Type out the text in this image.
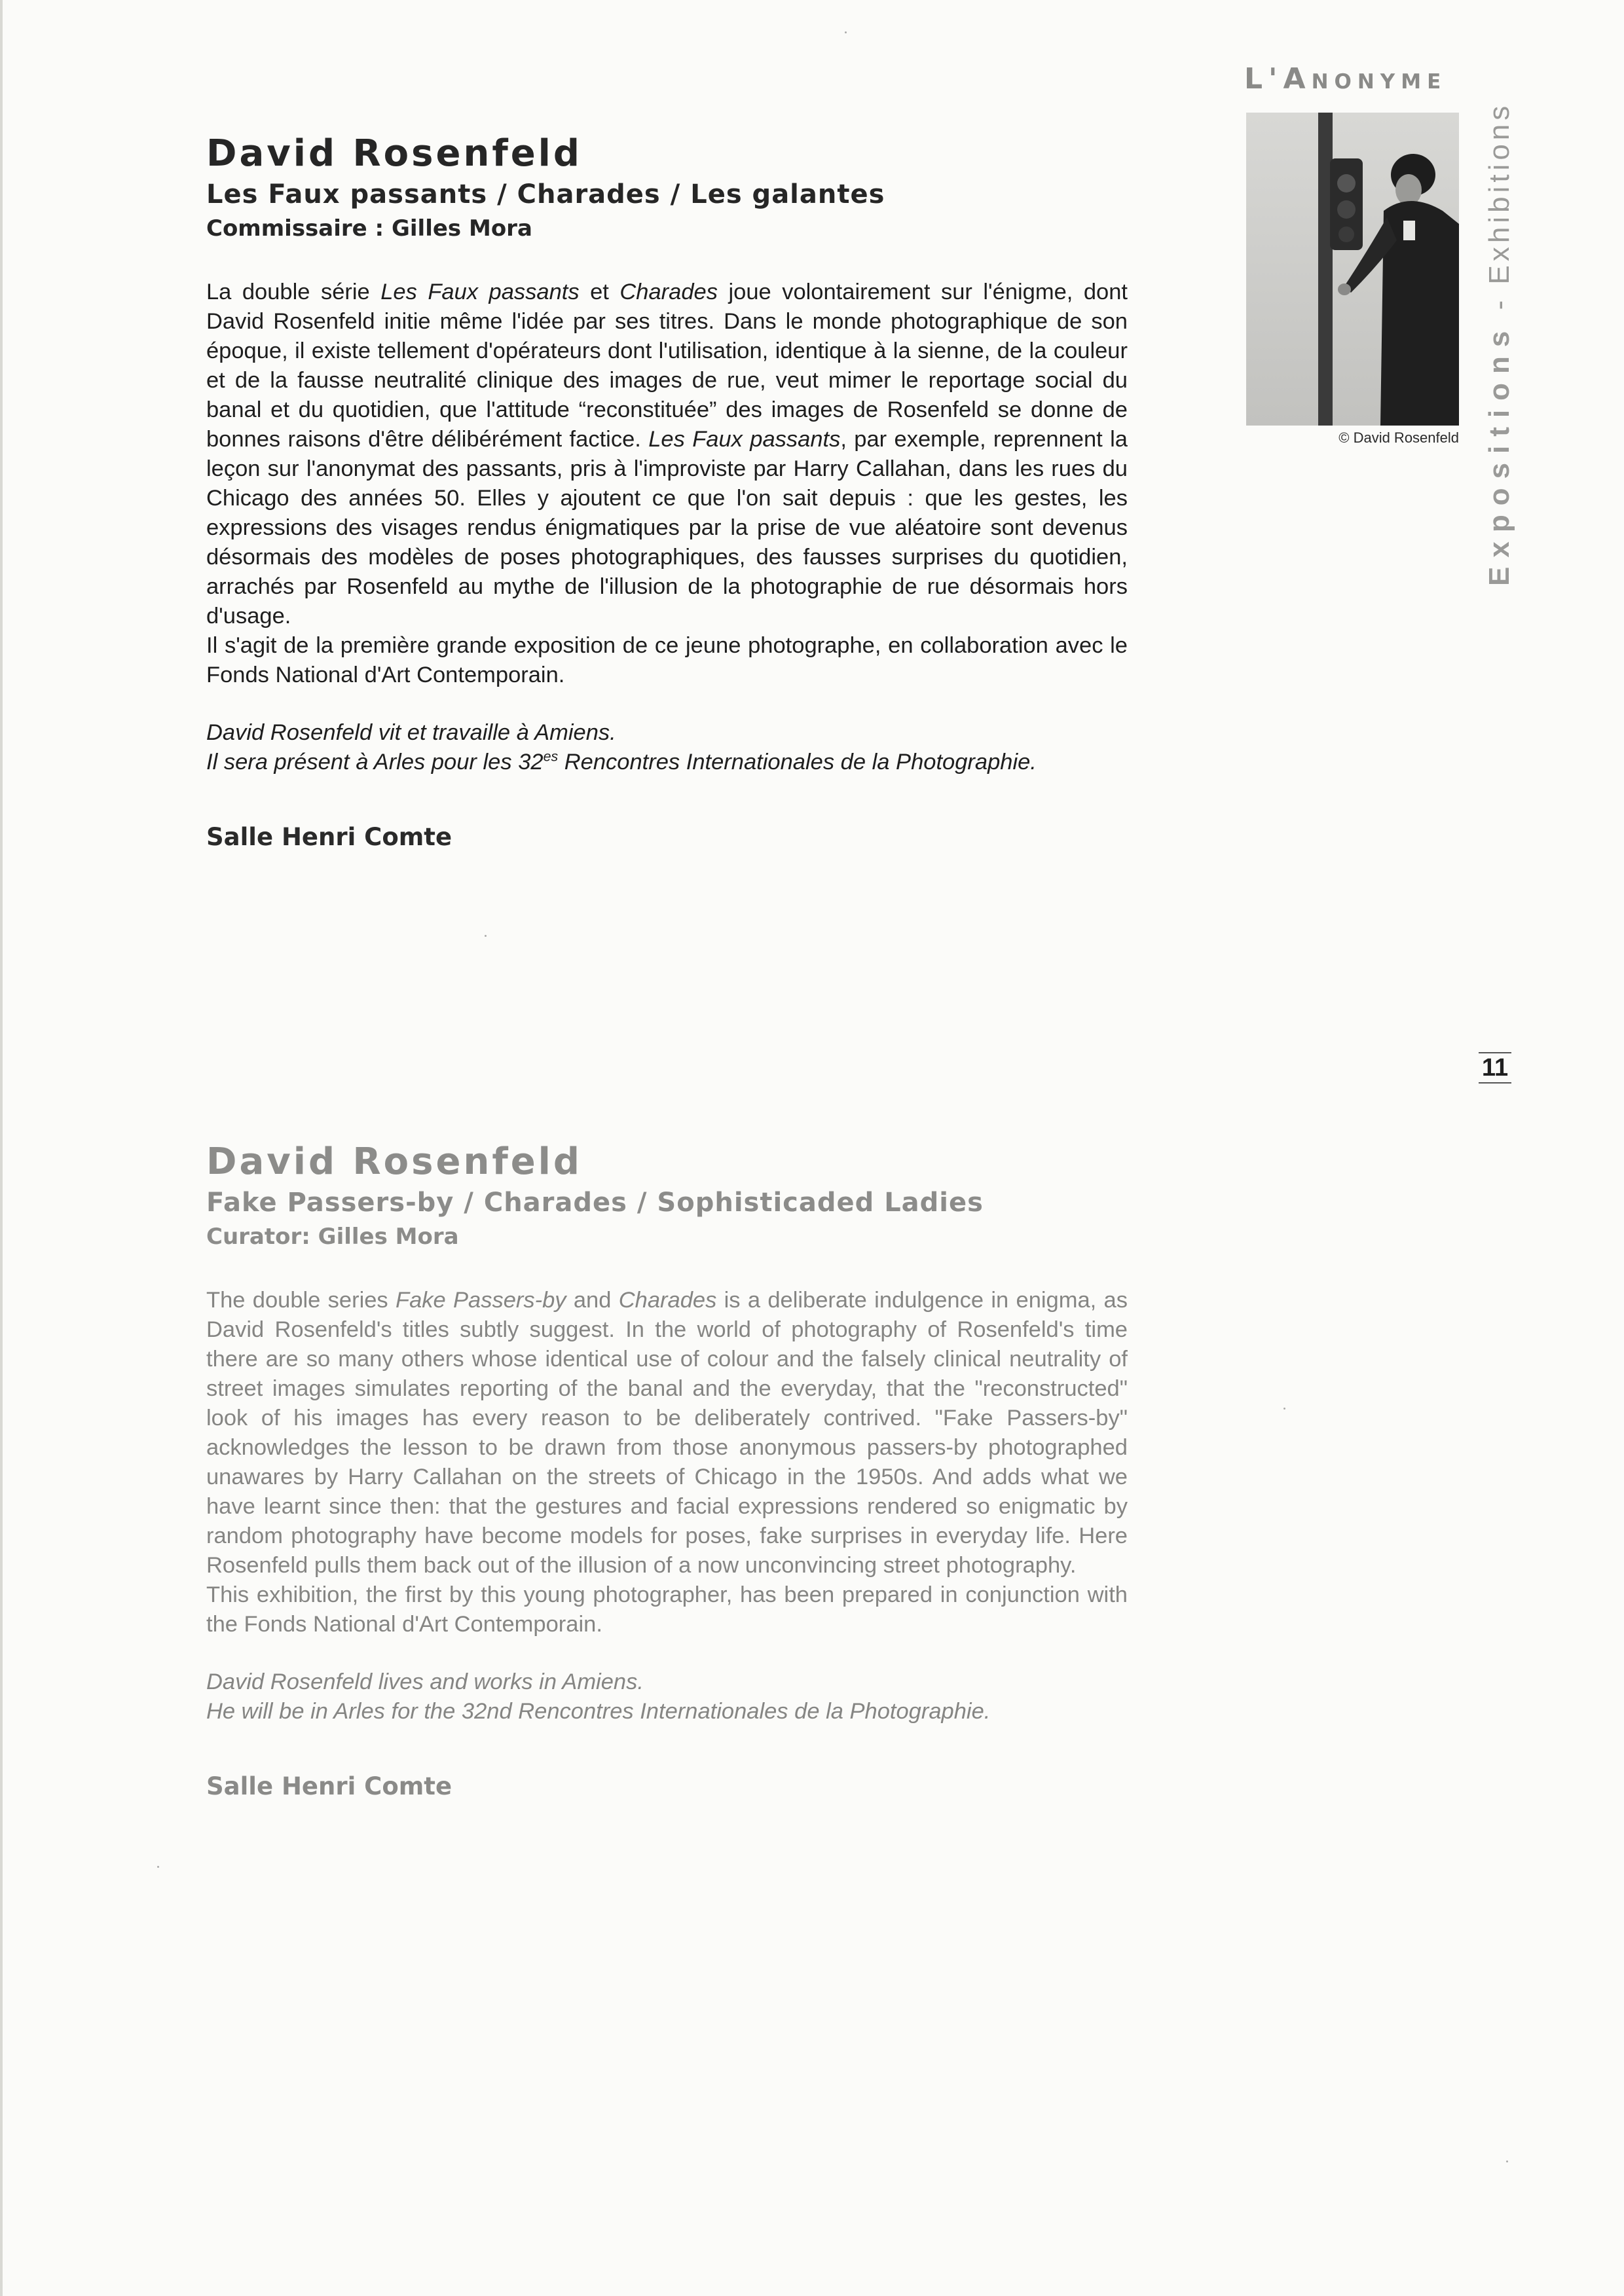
L'ANONYME
© David Rosenfeld Expositions - Exhibitions
11
David Rosenfeld
Les Faux passants / Charades / Les galantes
Commissaire : Gilles Mora

La double série Les Faux passants et Charades joue volontairement sur l'énigme, dont David Rosenfeld initie même l'idée par ses titres. Dans le monde photographique de son époque, il existe tellement d'opérateurs dont l'utilisation, identique à la sienne, de la couleur et de la fausse neutralité clinique des images de rue, veut mimer le reportage social du banal et du quotidien, que l'attitude “reconstituée” des images de Rosenfeld se donne de bonnes raisons d'être délibérément factice. Les Faux passants, par exemple, reprennent la leçon sur l'anonymat des passants, pris à l'improviste par Harry Callahan, dans les rues du Chicago des années 50. Elles y ajoutent ce que l'on sait depuis : que les gestes, les expressions des visages rendus énigmatiques par la prise de vue aléatoire sont devenus désormais des modèles de poses photographiques, des fausses surprises du quotidien, arrachés par Rosenfeld au mythe de l'illusion de la photographie de rue désormais hors d'usage.

Il s'agit de la première grande exposition de ce jeune photographe, en collaboration avec le Fonds National d'Art Contemporain.

David Rosenfeld vit et travaille à Amiens.
Il sera présent à Arles pour les $32^{es}$ Rencontres Internationales de la Photographie.
Salle Henri Comte
David Rosenfeld
Fake Passers-by / Charades / Sophisticaded Ladies
Curator: Gilles Mora

The double series Fake Passers-by and Charades is a deliberate indulgence in enigma, as David Rosenfeld's titles subtly suggest. In the world of photography of Rosenfeld's time there are so many others whose identical use of colour and the falsely clinical neutrality of street images simulates reporting of the banal and the everyday, that the "reconstructed" look of his images has every reason to be deliberately contrived. "Fake Passers-by" acknowledges the lesson to be drawn from those anonymous passers-by photographed unawares by Harry Callahan on the streets of Chicago in the 1950s. And adds what we have learnt since then: that the gestures and facial expressions rendered so enigmatic by random photography have become models for poses, fake surprises in everyday life. Here Rosenfeld pulls them back out of the illusion of a now unconvincing street photography.

This exhibition, the first by this young photographer, has been prepared in conjunction with the Fonds National d'Art Contemporain.

David Rosenfeld lives and works in Amiens.
He will be in Arles for the 32nd Rencontres Internationales de la Photographie.
Salle Henri Comte
